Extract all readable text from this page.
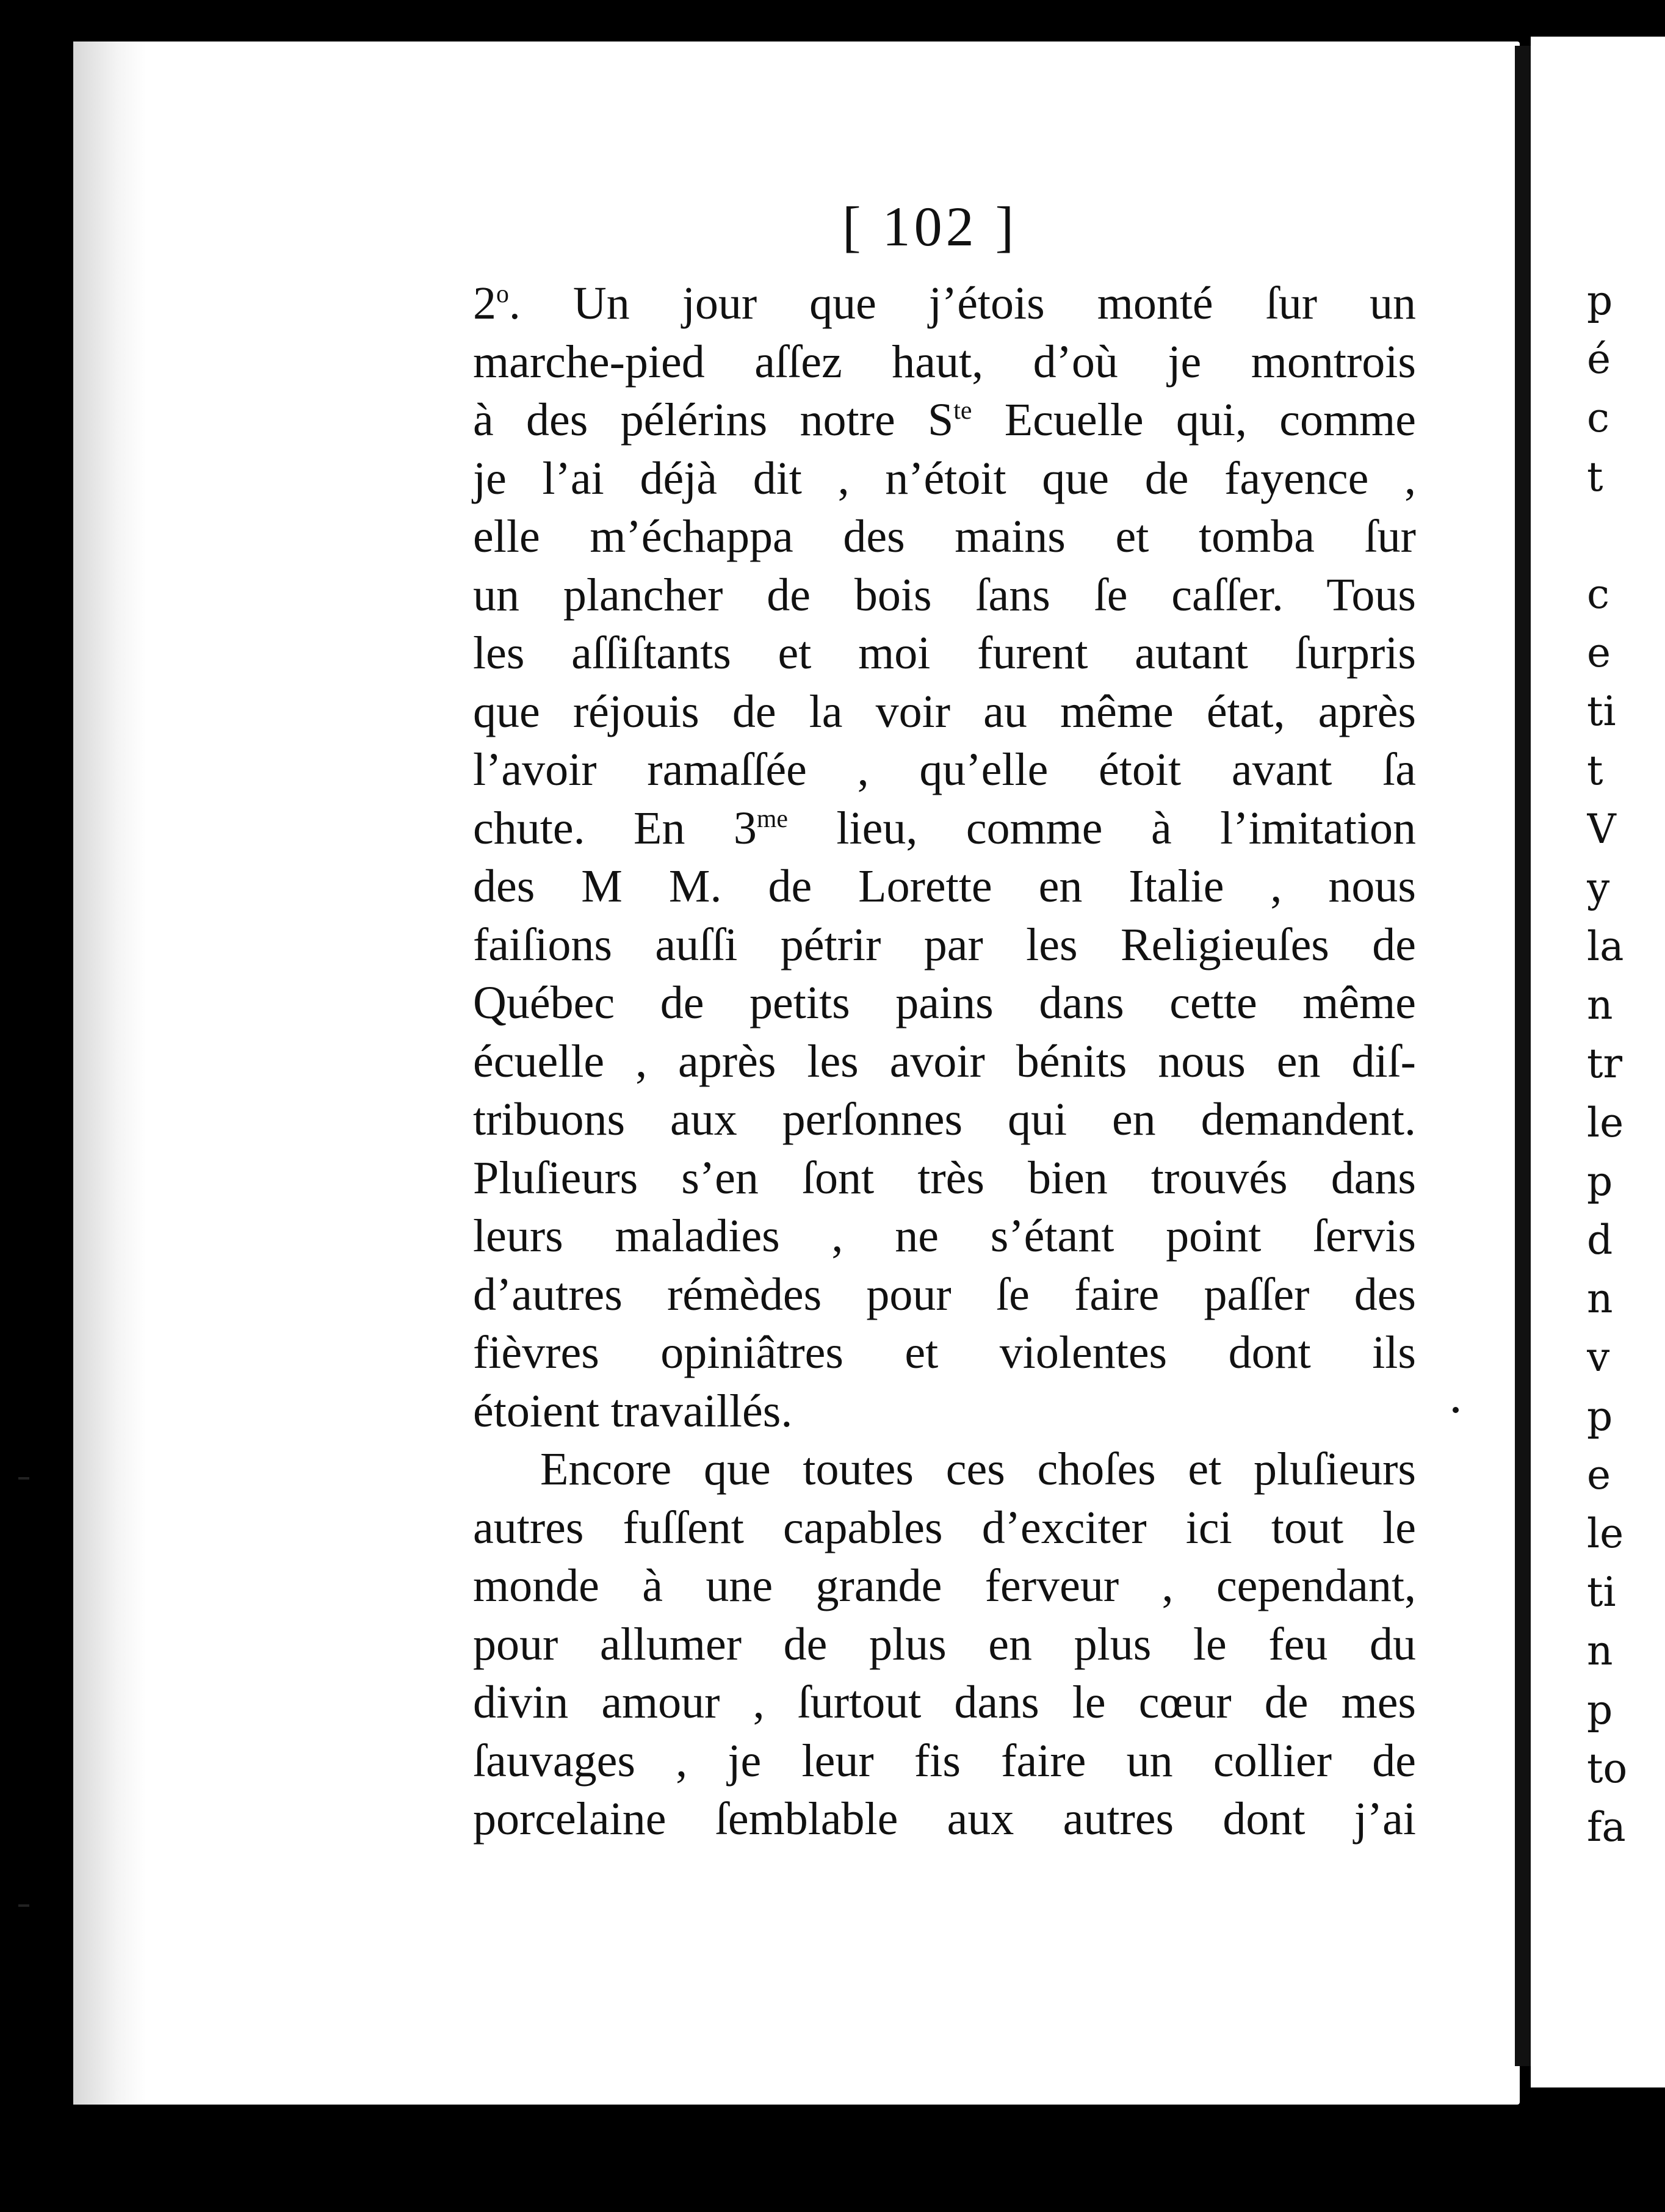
[ 102 ]
2$^o$. Un jour que j’étois monté ſur un
marche-pied aſſez haut, d’où je montrois
à des pélérins notre $S^{te}$ Ecuelle qui, comme
je l’ai déjà dit , n’étoit que de fayence ,
elle m’échappa des mains et tomba ſur
un plancher de bois ſans ſe caſſer. Tous
les aſſiſtants et moi furent autant ſurpris
que réjouis de la voir au même état, après
l’avoir ramaſſée , qu’elle étoit avant ſa
chute. En $3^{me}$ lieu, comme à l’imitation
des M M. de Lorette en Italie , nous
faiſions auſſi pétrir par les Religieuſes de
Québec de petits pains dans cette même
écuelle , après les avoir bénits nous en diſ-
tribuons aux perſonnes qui en demandent.
Pluſieurs s’en ſont très bien trouvés dans
leurs maladies , ne s’étant point ſervis
d’autres rémèdes pour ſe faire paſſer des
fièvres opiniâtres et violentes dont ils
étoient travaillés.
Encore que toutes ces choſes et pluſieurs
autres fuſſent capables d’exciter ici tout le
monde à une grande ferveur , cependant,
pour allumer de plus en plus le feu du
divin amour , ſurtout dans le cœur de mes
ſauvages , je leur fis faire un collier de
porcelaine ſemblable aux autres dont j’ai
p
é
c
t
c
e
ti
t
V
y
la
n
tr
le
p
d
n
v
p
e
le
ti
n
p
to
fa
